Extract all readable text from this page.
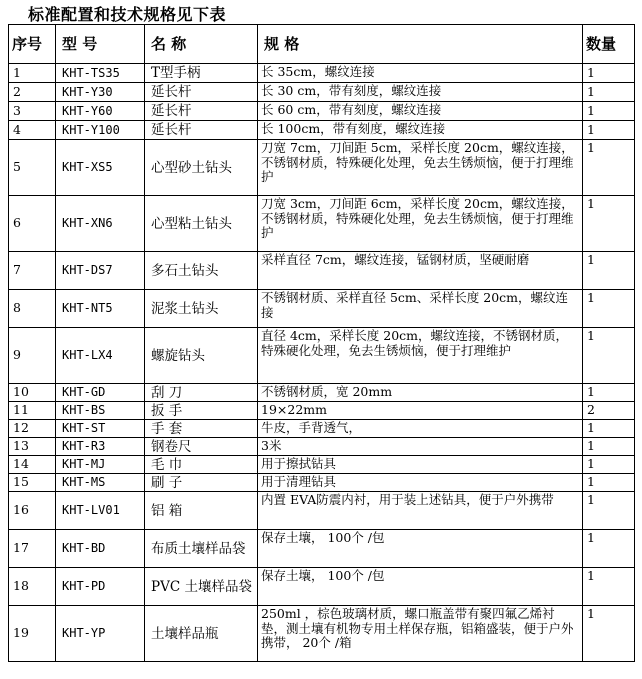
标准配置和技术规格见下表
序号	型 号	名 称	规 格	数量
1	KHT-TS35	T型手柄	长 35cm，螺纹连接	1
2	KHT-Y30	延长杆	长 30 cm，带有刻度，螺纹连接	1
3	KHT-Y60	延长杆	长 60 cm，带有刻度，螺纹连接	1
4	KHT-Y100	延长杆	长 100cm，带有刻度，螺纹连接	1
5	KHT-XS5	心型砂土钻头	刀宽 7cm，刀间距 5cm，采样长度 20cm，螺纹连接，不锈钢材质，特殊硬化处理，免去生锈烦恼，便于打理维护	1
6	KHT-XN6	心型粘土钻头	刀宽 3cm，刀间距 6cm，采样长度 20cm，螺纹连接，不锈钢材质，特殊硬化处理，免去生锈烦恼，便于打理维护	1
7	KHT-DS7	多石土钻头	采样直径 7cm，螺纹连接，锰钢材质，坚硬耐磨	1
8	KHT-NT5	泥浆土钻头	不锈钢材质、采样直径 5cm、采样长度 20cm，螺纹连接	1
9	KHT-LX4	螺旋钻头	直径 4cm，采样长度 20cm，螺纹连接，不锈钢材质，特殊硬化处理，免去生锈烦恼，便于打理维护	1
10	KHT-GD	刮 刀	不锈钢材质，宽 20mm	1
11	KHT-BS	扳 手	19×22mm	2
12	KHT-ST	手 套	牛皮，手背透气，	1
13	KHT-R3	钢卷尺	3米	1
14	KHT-MJ	毛 巾	用于擦拭钻具	1
15	KHT-MS	刷 子	用于清理钻具	1
16	KHT-LV01	铝 箱	内置 EVA防震内衬，用于装上述钻具，便于户外携带	1
17	KHT-BD	布质土壤样品袋	保存土壤， 100个 /包	1
18	KHT-PD	PVC 土壤样品袋	保存土壤， 100个 /包	1
19	KHT-YP	土壤样品瓶	250ml ，棕色玻璃材质，螺口瓶盖带有聚四氟乙烯衬垫，测土壤有机物专用土样保存瓶，铝箱盛装，便于户外携带， 20个 /箱	1
